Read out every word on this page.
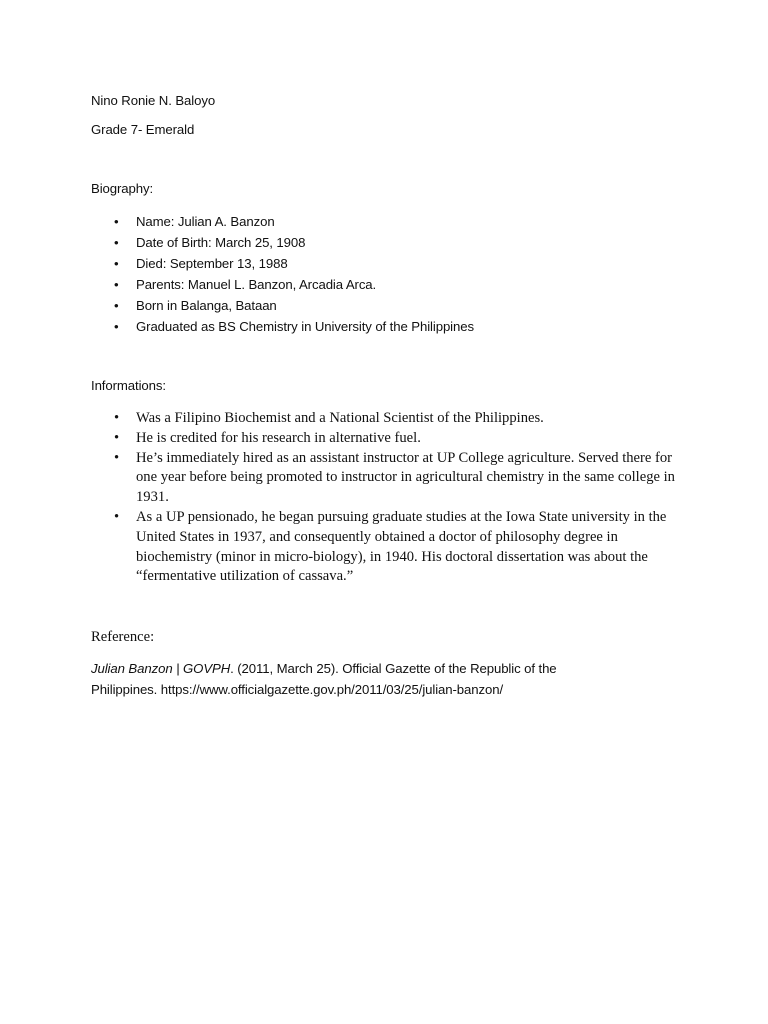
Nino Ronie N. Baloyo
Grade 7- Emerald
Biography:
• Name: Julian A. Banzon
• Date of Birth: March 25, 1908
• Died: September 13, 1988
• Parents: Manuel L. Banzon, Arcadia Arca.
• Born in Balanga, Bataan
• Graduated as BS Chemistry in University of the Philippines
Informations:
• Was a Filipino Biochemist and a National Scientist of the Philippines.
• He is credited for his research in alternative fuel.
• He’s immediately hired as an assistant instructor at UP College agriculture. Served there for one year before being promoted to instructor in agricultural chemistry in the same college in 1931.
• As a UP pensionado, he began pursuing graduate studies at the Iowa State university in the United States in 1937, and consequently obtained a doctor of philosophy degree in biochemistry (minor in micro-biology), in 1940. His doctoral dissertation was about the “fermentative utilization of cassava.”
Reference:
Julian Banzon | GOVPH. (2011, March 25). Official Gazette of the Republic of the Philippines. https://www.officialgazette.gov.ph/2011/03/25/julian-banzon/
